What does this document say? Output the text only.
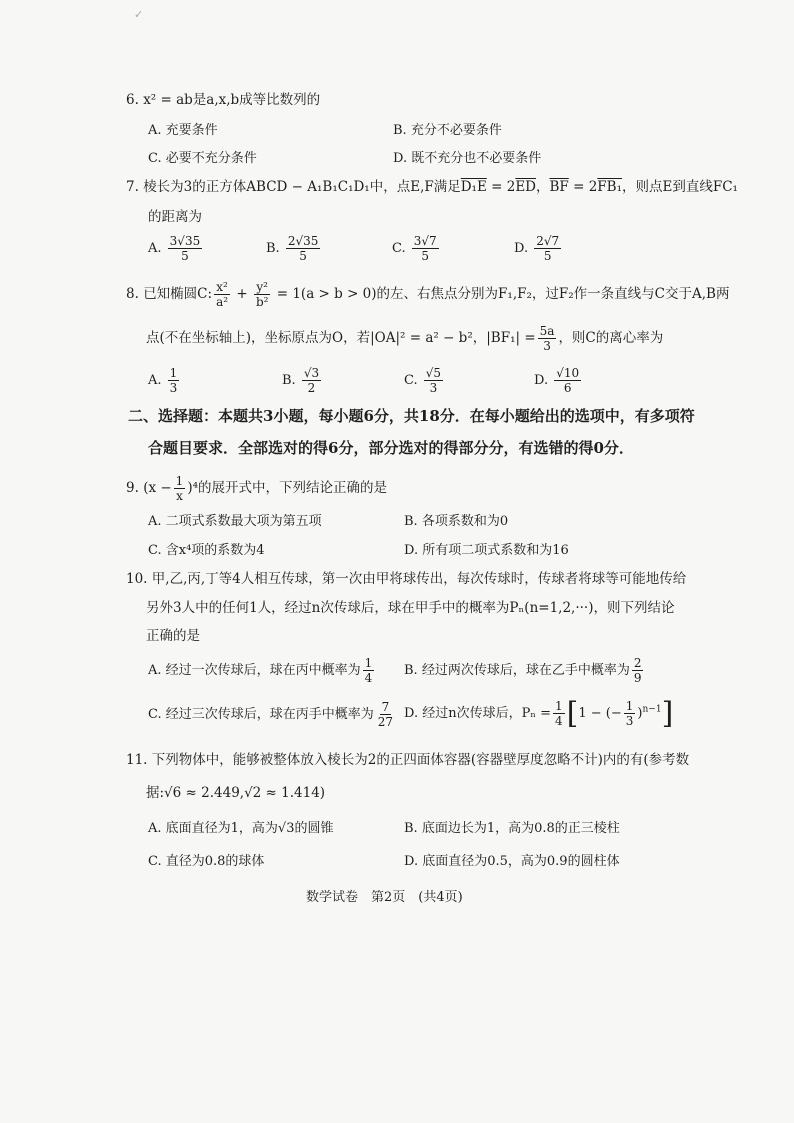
✓
6. x² = ab是a,x,b成等比数列的
A. 充要条件	B. 充分不必要条件
C. 必要不充分条件	D. 既不充分也不必要条件
7. 棱长为3的正方体ABCD − A₁B₁C₁D₁中，点E,F满足$D_1E = 2\overline{ED}$，$\overline{BF} = 2FB_1$，则点E到直线FC₁
的距离为
A. $\frac{3√35}{5}$	B. $\frac{2√35}{5}$	C. $\frac{3√7}{5}$	D. $\frac{2√7}{5}$
8. 已知椭圆C: $\frac{\text{x²}}{\text{a²}} + \frac{\text{y²}}{\text{b²}} = 1(a > b > 0)$的左、右焦点分别为F₁,F₂，过F₂作一条直线与C交于A,B两
点(不在坐标轴上)，坐标原点为O，若|OA|² = a² − b²，$|BF_1| = \frac{5a}{3}$ ，则C的离心率为
A. $\frac{1}{3}$	B. $\frac{√3}{2}$	C. $\frac{√5}{3}$	D. $\frac{√10}{6}$
二、选择题：本题共3小题，每小题6分，共18分．在每小题给出的选项中，有多项符
合题目要求．全部选对的得6分，部分选对的得部分分，有选错的得0分．
9. $(x - \frac{1}{x} )^4$的展开式中，下列结论正确的是
A. 二项式系数最大项为第五项	B. 各项系数和为0
C. 含x⁴项的系数为4	D. 所有项二项式系数和为16
10. 甲,乙,丙,丁等4人相互传球，第一次由甲将球传出，每次传球时，传球者将球等可能地传给
另外3人中的任何1人，经过n次传球后，球在甲手中的概率为Pₙ(n=1,2,···)，则下列结论
正确的是
A. 经过一次传球后，球在丙中概率为 $\frac{1}{4} B$. 经过两次传球后，球在乙手中概率为 $\frac{2}{9}$
C. 经过三次传球后，球在丙手中概率为 $\frac{7}{27} D$. 经过n次传球后，$P_n = \frac{1}{4} [1$ − (− $\frac{1}{3} )^{n-1}$]
11. 下列物体中，能够被整体放入棱长为2的正四面体容器(容器壁厚度忽略不计)内的有(参考数
据:√6 ≈ 2.449,√2 ≈ 1.414)
A. 底面直径为1，高为√3的圆锥	B. 底面边长为1，高为0.8的正三棱柱
C. 直径为0.8的球体	D. 底面直径为0.5，高为0.9的圆柱体
数学试卷　第2页　(共4页)
